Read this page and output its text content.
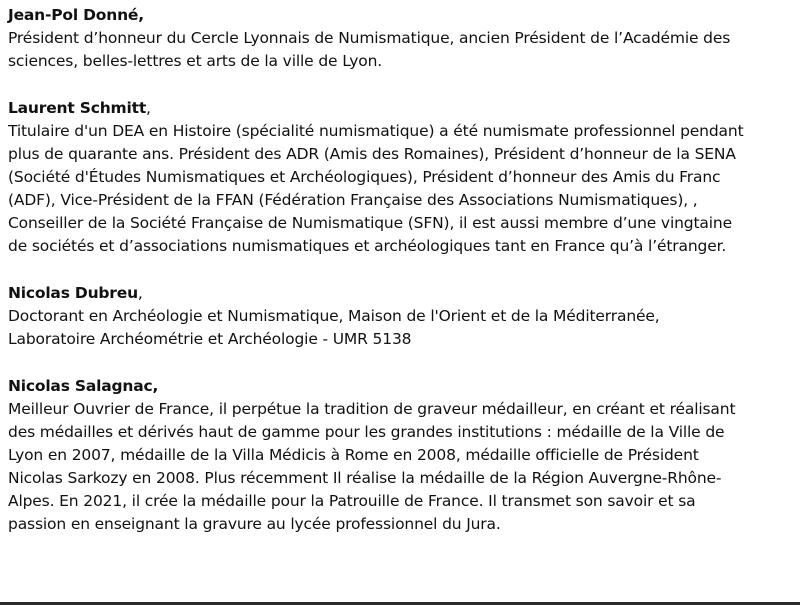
Jean-Pol Donné,
Président d’honneur du Cercle Lyonnais de Numismatique, ancien Président de l’Académie des
sciences, belles-lettres et arts de la ville de Lyon.
Laurent Schmitt,
Titulaire d'un DEA en Histoire (spécialité numismatique) a été numismate professionnel pendant
plus de quarante ans. Président des ADR (Amis des Romaines), Président d’honneur de la SENA
(Société d'Études Numismatiques et Archéologiques), Président d’honneur des Amis du Franc
(ADF), Vice-Président de la FFAN (Fédération Française des Associations Numismatiques), ,
Conseiller de la Société Française de Numismatique (SFN), il est aussi membre d’une vingtaine
de sociétés et d’associations numismatiques et archéologiques tant en France qu’à l’étranger.
Nicolas Dubreu,
Doctorant en Archéologie et Numismatique, Maison de l'Orient et de la Méditerranée,
Laboratoire Archéométrie et Archéologie - UMR 5138
Nicolas Salagnac,
Meilleur Ouvrier de France, il perpétue la tradition de graveur médailleur, en créant et réalisant
des médailles et dérivés haut de gamme pour les grandes institutions : médaille de la Ville de
Lyon en 2007, médaille de la Villa Médicis à Rome en 2008, médaille officielle de Président
Nicolas Sarkozy en 2008. Plus récemment Il réalise la médaille de la Région Auvergne-Rhône-
Alpes. En 2021, il crée la médaille pour la Patrouille de France. Il transmet son savoir et sa
passion en enseignant la gravure au lycée professionnel du Jura.
